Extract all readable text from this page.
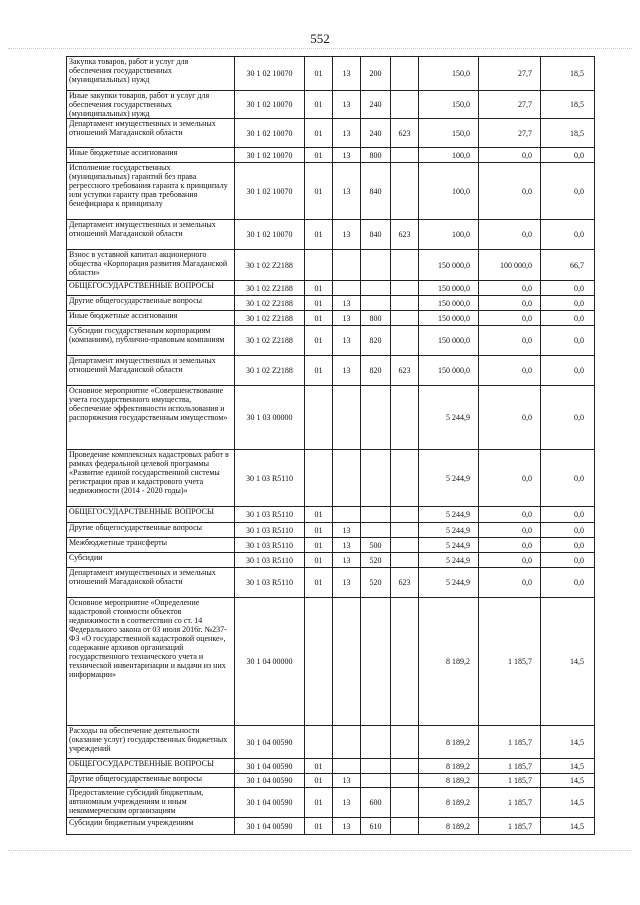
552
Закупка товаров, работ и услуг для обеспечения государственных (муниципальных) нужд	30 1 02 10070	01	13	200		150,0	27,7	18,5
Иные закупки товаров, работ и услуг для обеспечения государственных (муниципальных) нужд	30 1 02 10070	01	13	240		150,0	27,7	18,5
Департамент имущественных и земельных отношений Магаданской области	30 1 02 10070	01	13	240	623	150,0	27,7	18,5
Иные бюджетные ассигнования	30 1 02 10070	01	13	800		100,0	0,0	0,0
Исполнение государственных (муниципальных) гарантий без права регрессного требования гаранта к принципалу или уступки гаранту прав требования бенефициара к принципалу	30 1 02 10070	01	13	840		100,0	0,0	0,0
Департамент имущественных и земельных отношений Магаданской области	30 1 02 10070	01	13	840	623	100,0	0,0	0,0
Взнос в уставной капитал акционерного общества «Корпорация развития Магаданской области»	30 1 02 Z2188					150 000,0	100 000,0	66,7
ОБЩЕГОСУДАРСТВЕННЫЕ ВОПРОСЫ	30 1 02 Z2188	01				150 000,0	0,0	0,0
Другие общегосударственные вопросы	30 1 02 Z2188	01	13			150 000,0	0,0	0,0
Иные бюджетные ассигнования	30 1 02 Z2188	01	13	800		150 000,0	0,0	0,0
Субсидии государственным корпорациям (компаниям), публично-правовым компаниям	30 1 02 Z2188	01	13	820		150 000,0	0,0	0,0
Департамент имущественных и земельных отношений Магаданской области	30 1 02 Z2188	01	13	820	623	150 000,0	0,0	0,0
Основное мероприятие «Совершенствование учета государственного имущества, обеспечение эффективности использования и распоряжения государственным имуществом»	30 1 03 00000					5 244,9	0,0	0,0
Проведение комплексных кадастровых работ в рамках федеральной целевой программы «Развитие единой государственной системы регистрации прав и кадастрового учета недвижимости (2014 - 2020 годы)»	30 1 03 R5110					5 244,9	0,0	0,0
ОБЩЕГОСУДАРСТВЕННЫЕ ВОПРОСЫ	30 1 03 R5110	01				5 244,9	0,0	0,0
Другие общегосударственные вопросы	30 1 03 R5110	01	13			5 244,9	0,0	0,0
Межбюджетные трансферты	30 1 03 R5110	01	13	500		5 244,9	0,0	0,0
Субсидии	30 1 03 R5110	01	13	520		5 244,9	0,0	0,0
Департамент имущественных и земельных отношений Магаданской области	30 1 03 R5110	01	13	520	623	5 244,9	0,0	0,0
Основное мероприятие «Определение кадастровой стоимости объектов недвижимости в соответствии со ст. 14 Федерального закона от 03 июля 2016г. №237-ФЗ «О государственной кадастровой оценке», содержание архивов организаций государственного технического учета и технической инвентаризации и выдачи из них информации»	30 1 04 00000					8 189,2	1 185,7	14,5
Расходы на обеспечение деятельности (оказание услуг) государственных бюджетных учреждений	30 1 04 00590					8 189,2	1 185,7	14,5
ОБЩЕГОСУДАРСТВЕННЫЕ ВОПРОСЫ	30 1 04 00590	01				8 189,2	1 185,7	14,5
Другие общегосударственные вопросы	30 1 04 00590	01	13			8 189,2	1 185,7	14,5
Предоставление субсидий бюджетным, автономным учреждениям и иным некоммерческим организациям	30 1 04 00590	01	13	600		8 189,2	1 185,7	14,5
Субсидии бюджетным учреждениям	30 1 04 00590	01	13	610		8 189,2	1 185,7	14,5
